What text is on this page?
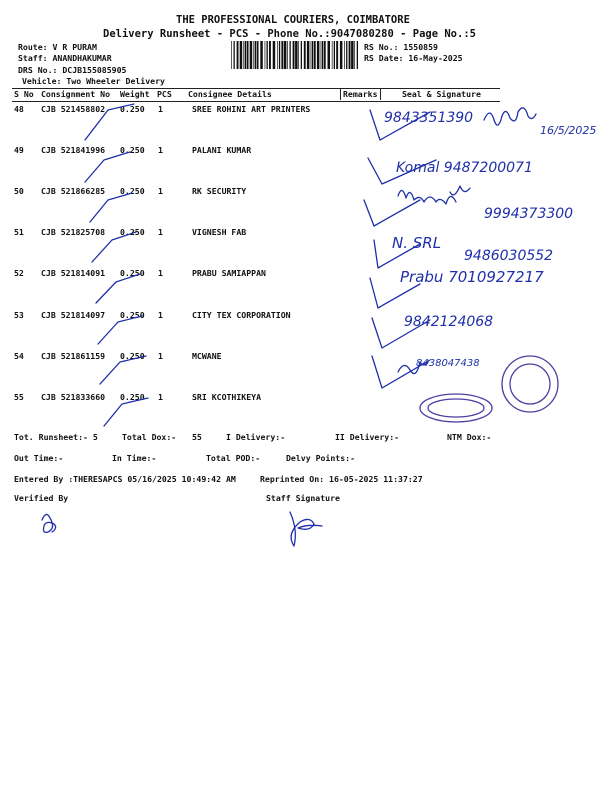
THE PROFESSIONAL COURIERS, COIMBATORE
Delivery Runsheet - PCS - Phone No.:9047080280 - Page No.:5
Route: V R PURAM
Staff: ANANDHAKUMAR
DRS No.: DCJB155085905
Vehicle: Two Wheeler Delivery
RS No.: 1550859
RS Date: 16-May-2025
S No Consignment No Weight PCS Consignee Details	Remarks	Seal & Signature
48 CJB 521458802 0.250 1	SREE ROHINI ART PRINTERS
49 CJB 521841996 0.250 1	PALANI KUMAR
50 CJB 521866285 0.250 1	RK SECURITY
51 CJB 521825708 0.250 1	VIGNESH FAB
52 CJB 521814091 0.250 1	PRABU SAMIAPPAN
53 CJB 521814097 0.250 1	CITY TEX CORPORATION
54 CJB 521861159 0.250 1	MCWANE
55 CJB 521833660 0.250 1	SRI KCOTHIKEYA
9843351390
16/5/2025
Komal 9487200071
9994373300
N. SRL
9486030552
Prabu 7010927217
9842124068
8438047438
Tot. Runsheet:- 5	Total Dox:- 55	I Delivery:-	II Delivery:-	NTM Dox:-
Out Time:-	In Time:-	Total POD:-	Delvy Points:-
Entered By :THERESAPCS 05/16/2025 10:49:42 AM	Reprinted On: 16-05-2025 11:37:27
Verified By	Staff Signature
